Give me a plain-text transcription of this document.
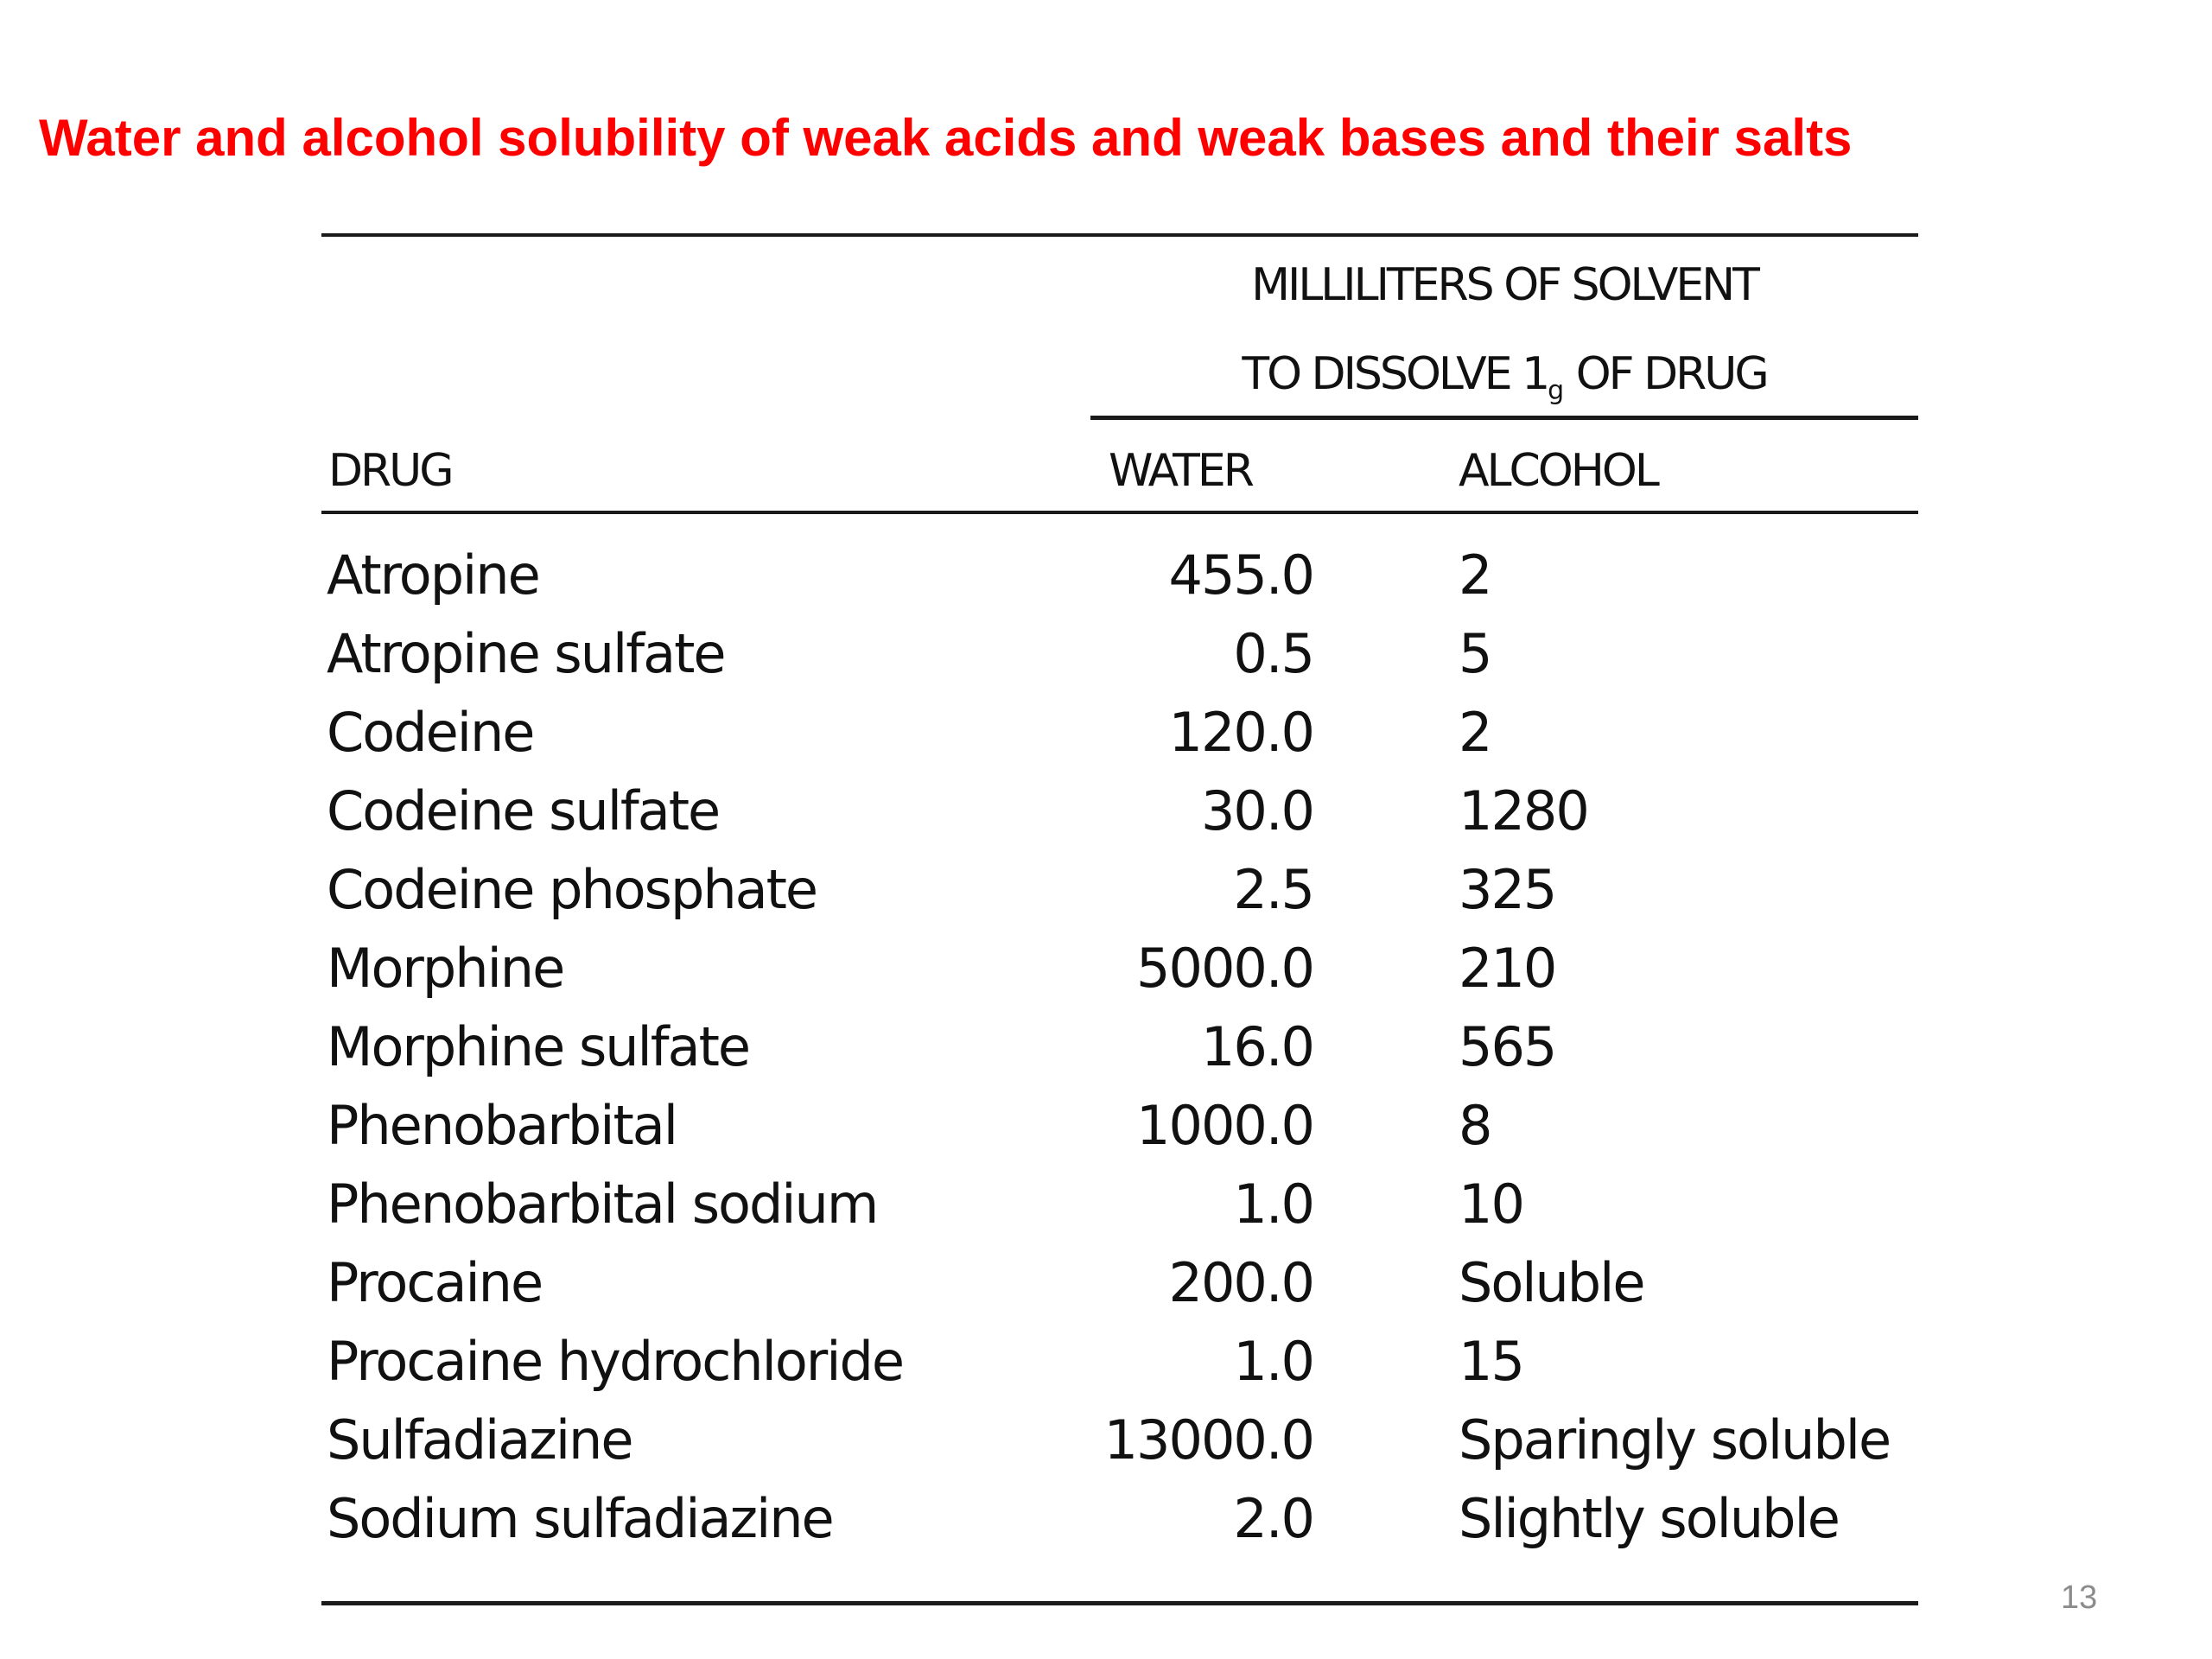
Water and alcohol solubility of weak acids and weak bases and their salts
MILLILITERS OF SOLVENT
TO DISSOLVE $1_g$ OF DRUG
DRUG	WATER	ALCOHOL
Atropine	455.0	2
Atropine sulfate	0.5	5
Codeine	120.0	2
Codeine sulfate	30.0	1280
Codeine phosphate	2.5	325
Morphine	5000.0	210
Morphine sulfate	16.0	565
Phenobarbital	1000.0	8
Phenobarbital sodium	1.0	10
Procaine	200.0	Soluble
Procaine hydrochloride	1.0	15
Sulfadiazine	13000.0	Sparingly soluble
Sodium sulfadiazine	2.0	Slightly soluble
13
